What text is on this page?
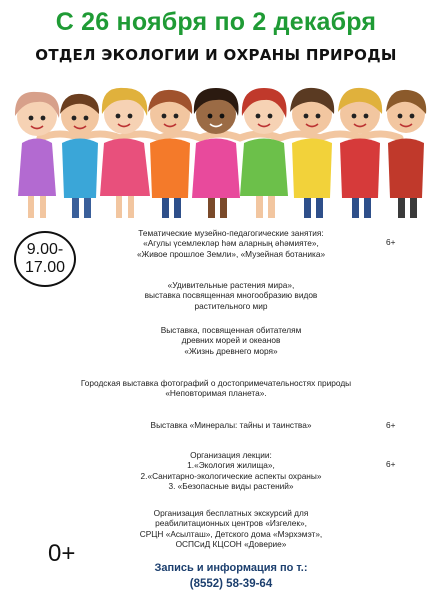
С 26 ноября по 2 декабря
ОТДЕЛ ЭКОЛОГИИ И ОХРАНЫ ПРИРОДЫ
9.00-
17.00
Тематические музейно-педагогические занятия:
«Агулы үсемлекләр һәм аларның әһәмияте»,
«Живое прошлое Земли», «Музейная ботаника»
6+
«Удивительные растения мира»,
выставка посвященная многообразию видов
растительного мир
Выставка, посвященная обитателям
древних морей и океанов
«Жизнь древнего моря»
Городская выставка фотографий о достопримечательностях природы
«Неповторимая планета».
Выставка «Минералы: тайны и таинства»	6+
Организация лекции:
1.«Экология жилища»,
2.«Санитарно-экологические аспекты охраны»
3. «Безопасные виды растений»
6+
Организация бесплатных экскурсий для
реабилитационных центров «Изгелек»,
СРЦН «Асылташ», Детского дома «Мэрхэмэт»,
ОСПСиД КЦСОН «Доверие»
0+
Запись и информация по т.:
(8552) 58-39-64
